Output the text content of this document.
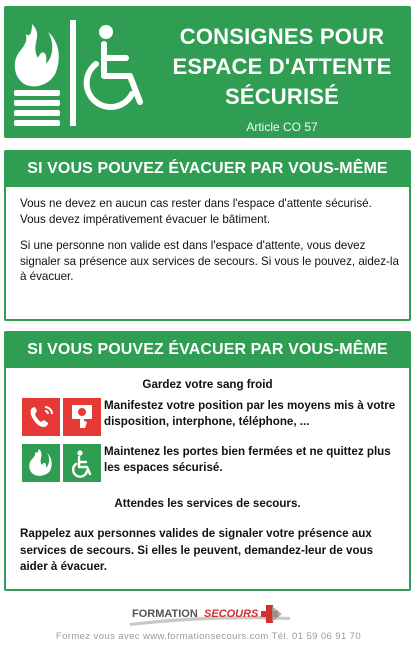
CONSIGNES POUR
ESPACE D'ATTENTE
SÉCURISÉ
Article CO 57
SI VOUS POUVEZ ÉVACUER PAR VOUS-MÊME

Vous ne devez en aucun cas rester dans l'espace d'attente sécurisé. Vous devez impérativement évacuer le bâtiment.

Si une personne non valide est dans l'espace d'attente, vous devez signaler sa présence aux services de secours. Si vous le pouvez, aidez-la à évacuer.

SI VOUS POUVEZ ÉVACUER PAR VOUS-MÊME

Gardez votre sang froid

Manifestez votre position par les moyens mis à votre disposition, interphone, téléphone, ...
Maintenez les portes bien fermées et ne quittez plus les espaces sécurisé.

Attendes les services de secours.

Rappelez aux personnes valides de signaler votre présence aux services de secours. Si elles le peuvent, demandez-leur de vous aider à évacuer.

FORMATION SECOURS
Formez vous avec www.formationsecours.com Tél. 01 59 06 91 70
